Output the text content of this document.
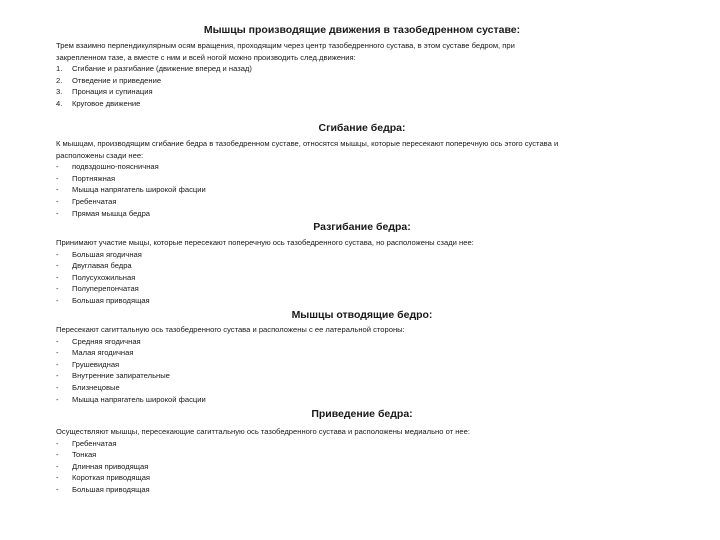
Мышцы производящие движения в тазобедренном суставе:
Трем взаимно перпендикулярным осям вращения, проходящим через центр тазобедренного сустава, в этом суставе бедром, при
закрепленном тазе, а вместе с ним и всей ногой можно производить след.движения:
1.	Сгибание и разгибание (движение вперед и назад)
2.	Отведение и приведение
3.	Пронация и супинация
4.	Круговое движение
Сгибание бедра:
К мышцам, производящим сгибание бедра в тазобедренном суставе, относятся мышцы, которые пересекают поперечную ось этого сустава и
расположены сзади нее:
-	подвздошно-поясничная
-	Портняжная
-	Мышца напрягатель широкой фасции
-	Гребенчатая
-	Прямая мышца бедра
Разгибание бедра:
Принимают участие мыцы, которые пересекают поперечную ось тазобедренного сустава, но расположены сзади нее:
-	Большая ягодичная
-	Двуглавая бедра
-	Полусухожильная
-	Полуперепончатая
-	Большая приводящая
Мышцы отводящие бедро:
Пересекают сагиттальную ось тазобедренного сустава и расположены с ее латеральной стороны:
-	Средняя ягодичная
-	Малая ягодичная
-	Грушевидная
-	Внутренние запирательные
-	Близнецовые
-	Мышца напрягатель широкой фасции
Приведение бедра:
Осуществляют мышцы, пересекающие сагиттальную ось тазобедренного сустава и расположены медиально от нее:
-	Гребенчатая
-	Тонкая
-	Длинная приводящая
-	Короткая приводящая
-	Большая приводящая
